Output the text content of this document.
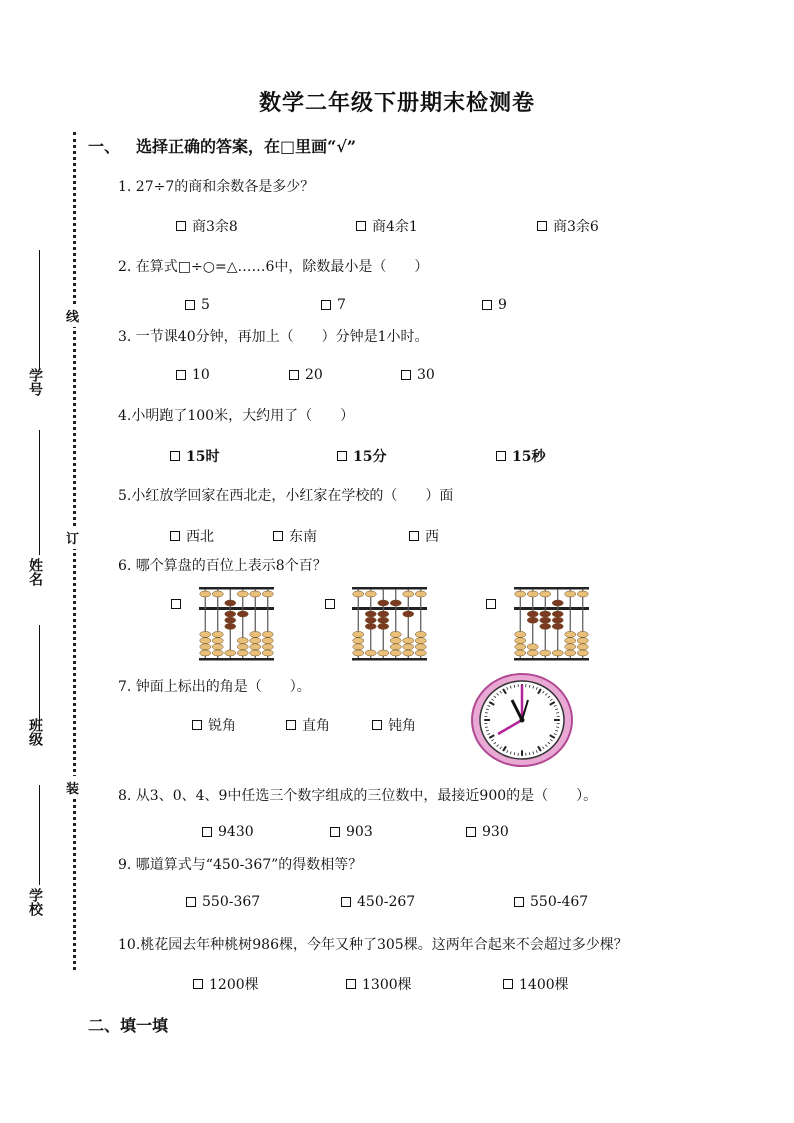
数学二年级下册期末检测卷
学号
姓名
班级
学校
线
订
装
一、 选择正确的答案，在□里画“√”
1. 27÷7的商和余数各是多少？
商3余8	商4余1	商3余6
2. 在算式□÷○=△……6中，除数最小是（　　）
5	7	9
3. 一节课40分钟，再加上（　　）分钟是1小时。
10	20	30
4.小明跑了100米，大约用了（　　）
15时	15分	15秒
5.小红放学回家在西北走，小红家在学校的（　　）面
西北	东南	西
6. 哪个算盘的百位上表示8个百？
7. 钟面上标出的角是（　　）。
锐角	直角	钝角
8. 从3、0、4、9中任选三个数字组成的三位数中，最接近900的是（　　）。
9430	903	930
9. 哪道算式与“450-367”的得数相等？
550-367	450-267	550-467
10.桃花园去年种桃树986棵，今年又种了305棵。这两年合起来不会超过多少棵？
1200棵	1300棵	1400棵
二、填一填
